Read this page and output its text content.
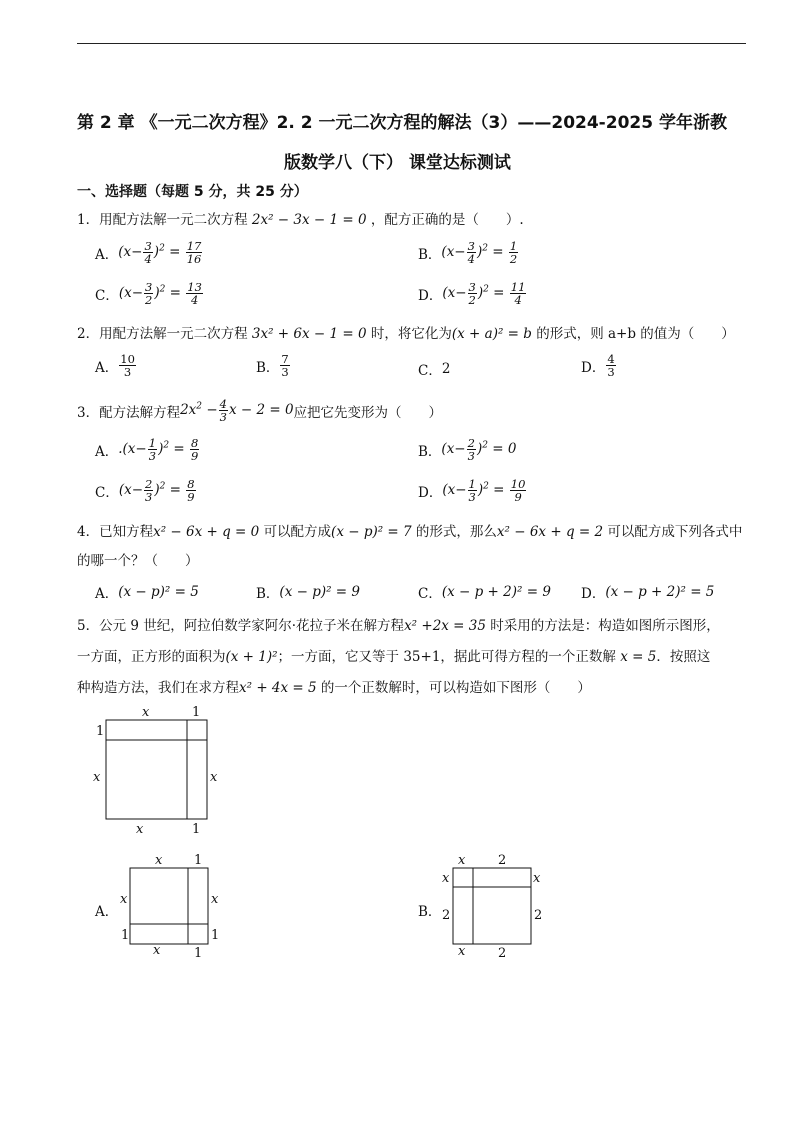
第 2 章 《一元二次方程》2. 2 一元二次方程的解法（3）——2024-2025 学年浙教
版数学八（下） 课堂达标测试
一、选择题（每题 5 分，共 25 分）
1．用配方法解一元二次方程 2x² − 3x − 1 = 0 ，配方正确的是（　　）.
A． $(x- \frac{3}{4} )^2 = \frac{17}{16}$	B． $(x- \frac{3}{4} )^2 = \frac{1}{2}$
C． $(x- \frac{3}{2} )^2 = \frac{13}{4}$	D． $(x- \frac{3}{2} )^2 = \frac{11}{4}$
2．用配方法解一元二次方程 3x² + 6x − 1 = 0 时，将它化为(x + a)² = b 的形式，则 a+b 的值为（　　）
A． $\frac{10}{3}$	B． $\frac{7}{3}$	C． 2	D． $\frac{4}{3}$
3． 配方法解方程 $2x^2 - \frac{4}{3}$ x − 2 = 0 应把它先变形为（　　）
A． $.(x- \frac{1}{3} )^2 = \frac{8}{9}$	B． $(x- \frac{2}{3} )^2 = 0$
C． $(x- \frac{2}{3} )^2 = \frac{8}{9}$	D． $(x- \frac{1}{3} )^2 = \frac{10}{9}$
4．已知方程x² − 6x + q = 0 可以配方成(x − p)² = 7 的形式，那么x² − 6x + q = 2 可以配方成下列各式中
的哪一个？（　　）
A． (x − p)² = 5	B． (x − p)² = 9	C． (x − p + 2)² = 9 D． (x − p + 2)² = 5
5．公元 9 世纪，阿拉伯数学家阿尔·花拉子米在解方程x² +2x = 35 时采用的方法是：构造如图所示图形，
一方面，正方形的面积为(x + 1)²；一方面，它又等于 35+1，据此可得方程的一个正数解 x = 5．按照这
种构造方法，我们在求方程x² + 4x = 5 的一个正数解时，可以构造如下图形（　　）
x	1
1
x	x
x	1
A．
x 1
x	x
1	1
x	1
B．
x	2
x	x
2	2
x	2
